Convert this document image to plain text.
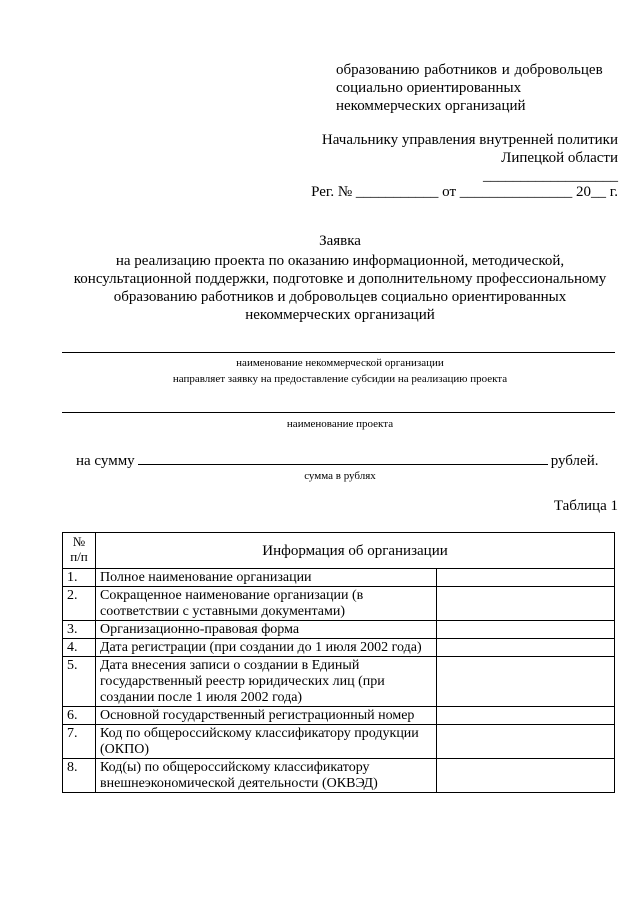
образованию работников и добровольцев
социально ориентированных
некоммерческих организаций
Начальнику управления внутренней политики
Липецкой области
__________________
Рег. № ___________ от _______________ 20__ г.
Заявка
на реализацию проекта по оказанию информационной, методической,
консультационной поддержки, подготовке и дополнительному профессиональному
образованию работников и добровольцев социально ориентированных
некоммерческих организаций
наименование некоммерческой организации
направляет заявку на предоставление субсидии на реализацию проекта
наименование проекта
на сумму	рублей.
сумма в рублях
Таблица 1
№ п/п	Информация об организации	
1.	Полное наименование организации	
2.	Сокращенное наименование организации (в соответствии с уставными документами)	
3.	Организационно-правовая форма	
4.	Дата регистрации (при создании до 1 июля 2002 года)	
5.	Дата внесения записи о создании в Единый государственный реестр юридических лиц (при создании после 1 июля 2002 года)	
6.	Основной государственный регистрационный номер	
7.	Код по общероссийскому классификатору продукции (ОКПО)	
8.	Код(ы) по общероссийскому классификатору внешнеэкономической деятельности (ОКВЭД)	
